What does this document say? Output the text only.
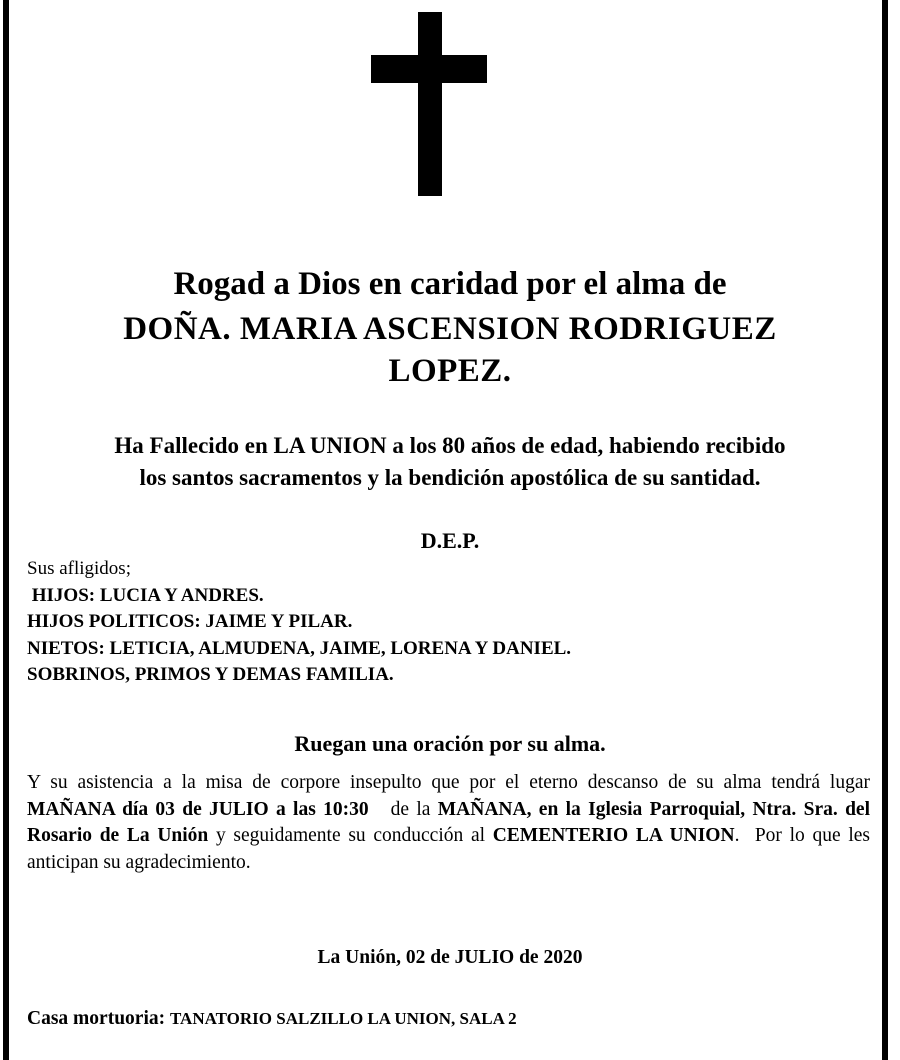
Rogad a Dios en caridad por el alma de
DOÑA. MARIA ASCENSION RODRIGUEZ
LOPEZ.
Ha Fallecido en LA UNION a los 80 años de edad, habiendo recibido
los santos sacramentos y la bendición apostólica de su santidad.
D.E.P.
Sus afligidos;
HIJOS: LUCIA Y ANDRES.
HIJOS POLITICOS: JAIME Y PILAR.
NIETOS: LETICIA, ALMUDENA, JAIME, LORENA Y DANIEL.
SOBRINOS, PRIMOS Y DEMAS FAMILIA.
Ruegan una oración por su alma.
Y su asistencia a la misa de corpore insepulto que por el eterno descanso de su alma tendrá lugar MAÑANA día 03 de JULIO a las 10:30   de la MAÑANA, en la Iglesia Parroquial, Ntra. Sra. del Rosario de La Unión y seguidamente su conducción al CEMENTERIO LA UNION.  Por lo que les anticipan su agradecimiento.
La Unión, 02 de JULIO de 2020
Casa mortuoria: TANATORIO SALZILLO LA UNION, SALA 2
